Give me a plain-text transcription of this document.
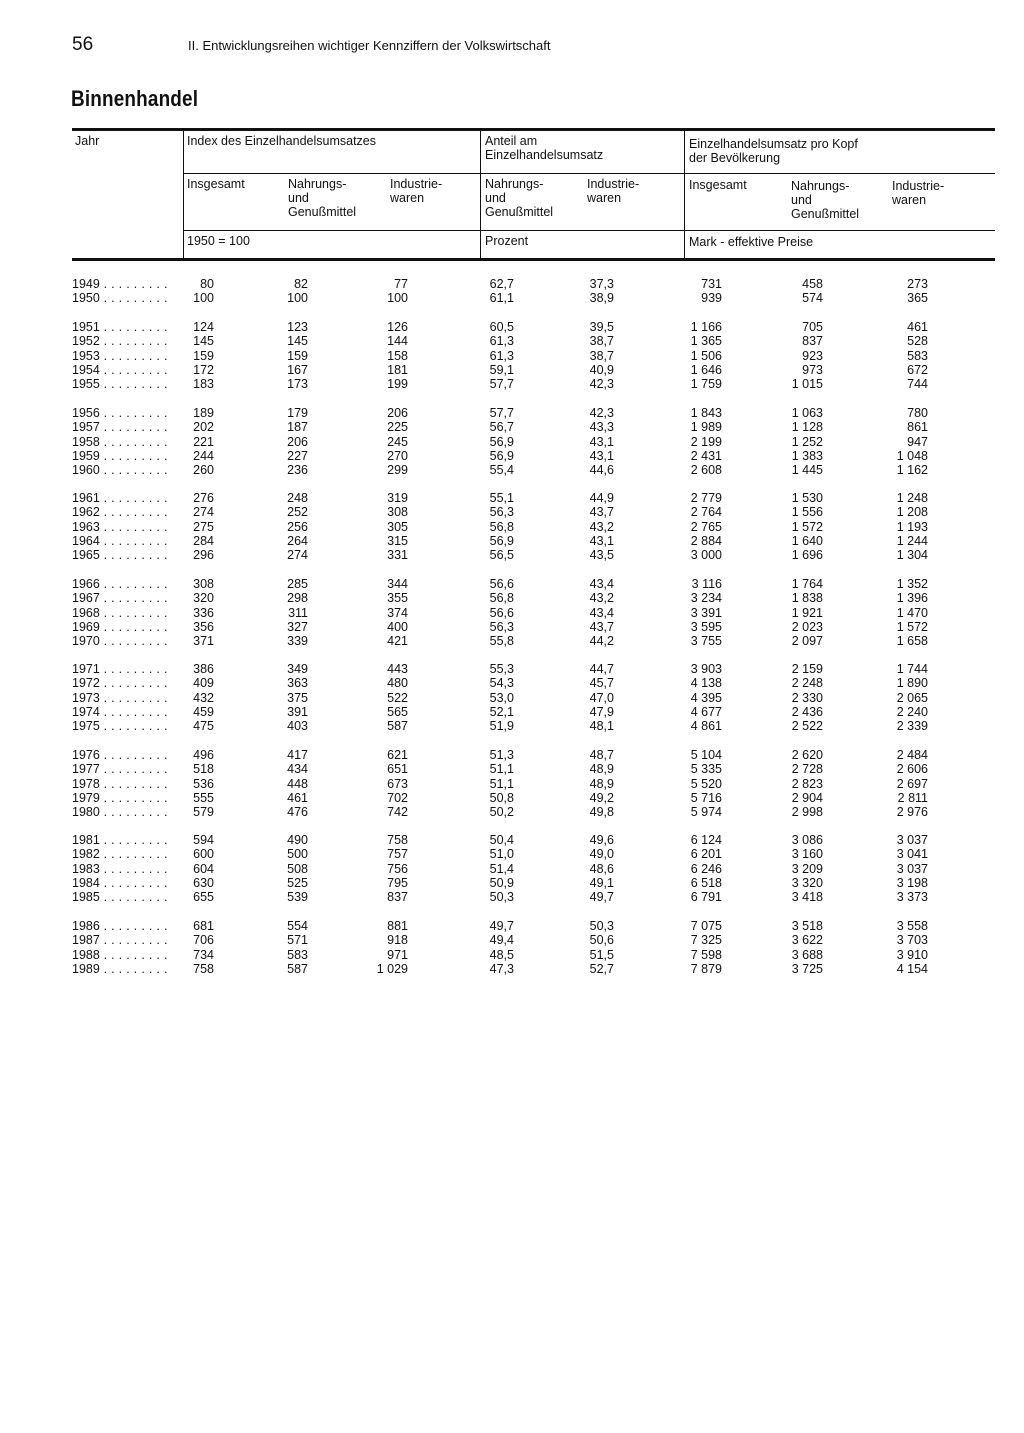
56	II. Entwicklungsreihen wichtiger Kennziffern der Volkswirtschaft
Binnenhandel
Jahr	Index des Einzelhandelsumsatzes	Anteil am
Einzelhandelsumsatz
Einzelhandelsumsatz pro Kopf
der Bevölkerung
Insgesamt	Nahrungs-
und
Genußmittel
Industrie-
waren
Nahrungs-
und
Genußmittel
Industrie-
waren
Insgesamt	Nahrungs-
und
Genußmittel
Industrie-
waren
1950 = 100	Prozent	Mark - effektive Preise
1949 . . .	80	82	77	62,7	37,3	731	458	273
1950 . . .	100	100	100	61,1	38,9	939	574	365
1951 . . .	124	123	126	60,5	39,5	1 166	705	461
1952 . . .	145	145	144	61,3	38,7	1 365	837	528
1953 . . .	159	159	158	61,3	38,7	1 506	923	583
1954 . . .	172	167	181	59,1	40,9	1 646	973	672
1955 . . .	183	173	199	57,7	42,3	1 759	1 015	744
1956 . . .	189	179	206	57,7	42,3	1 843	1 063	780
1957 . . .	202	187	225	56,7	43,3	1 989	1 128	861
1958 . . .	221	206	245	56,9	43,1	2 199	1 252	947
1959 . . .	244	227	270	56,9	43,1	2 431	1 383	1 048
1960 . . .	260	236	299	55,4	44,6	2 608	1 445	1 162
1961 . . .	276	248	319	55,1	44,9	2 779	1 530	1 248
1962 . . .	274	252	308	56,3	43,7	2 764	1 556	1 208
1963 . . .	275	256	305	56,8	43,2	2 765	1 572	1 193
1964 . . .	284	264	315	56,9	43,1	2 884	1 640	1 244
1965 . . .	296	274	331	56,5	43,5	3 000	1 696	1 304
1966 . . .	308	285	344	56,6	43,4	3 116	1 764	1 352
1967 . . .	320	298	355	56,8	43,2	3 234	1 838	1 396
1968 . . .	336	311	374	56,6	43,4	3 391	1 921	1 470
1969 . . .	356	327	400	56,3	43,7	3 595	2 023	1 572
1970 . . .	371	339	421	55,8	44,2	3 755	2 097	1 658
1971 . . .	386	349	443	55,3	44,7	3 903	2 159	1 744
1972 . . .	409	363	480	54,3	45,7	4 138	2 248	1 890
1973 . . .	432	375	522	53,0	47,0	4 395	2 330	2 065
1974 . . .	459	391	565	52,1	47,9	4 677	2 436	2 240
1975 . . .	475	403	587	51,9	48,1	4 861	2 522	2 339
1976 . . .	496	417	621	51,3	48,7	5 104	2 620	2 484
1977 . . .	518	434	651	51,1	48,9	5 335	2 728	2 606
1978 . . .	536	448	673	51,1	48,9	5 520	2 823	2 697
1979 . . .	555	461	702	50,8	49,2	5 716	2 904	2 811
1980 . . .	579	476	742	50,2	49,8	5 974	2 998	2 976
1981 . . .	594	490	758	50,4	49,6	6 124	3 086	3 037
1982 . . .	600	500	757	51,0	49,0	6 201	3 160	3 041
1983 . . .	604	508	756	51,4	48,6	6 246	3 209	3 037
1984 . . .	630	525	795	50,9	49,1	6 518	3 320	3 198
1985 . . .	655	539	837	50,3	49,7	6 791	3 418	3 373
1986 . . .	681	554	881	49,7	50,3	7 075	3 518	3 558
1987 . . .	706	571	918	49,4	50,6	7 325	3 622	3 703
1988 . . .	734	583	971	48,5	51,5	7 598	3 688	3 910
1989 . . .	758	587	1 029	47,3	52,7	7 879	3 725	4 154
